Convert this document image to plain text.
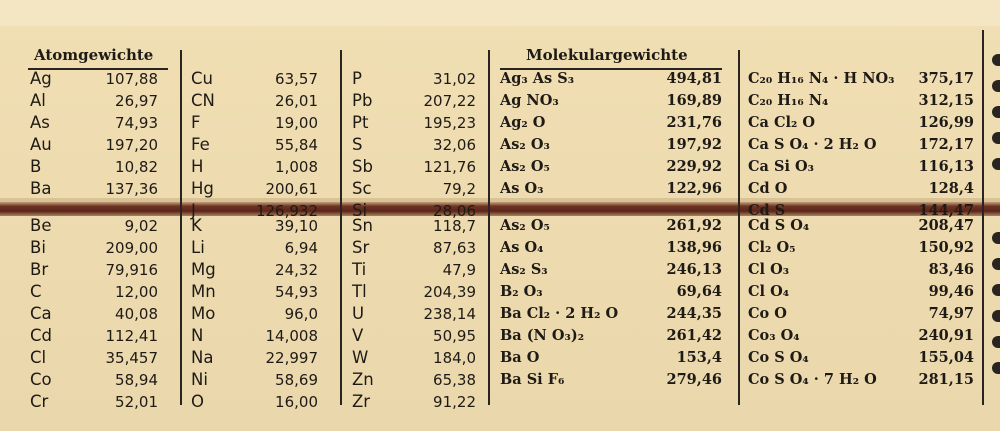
Atomgewichte	Molekulargewichte
Ag	107,88
Al	26,97
As	74,93
Au	197,20
B	10,82
Ba	137,36
Be	9,02
Bi	209,00
Br	79,916
C	12,00
Ca	40,08
Cd	112,41
Cl	35,457
Co	58,94
Cr	52,01
Cu	63,57
CN	26,01
F	19,00
Fe	55,84
H	1,008
Hg	200,61
J	126,932
K	39,10
Li	6,94
Mg	24,32
Mn	54,93
Mo	96,0
N	14,008
Na	22,997
Ni	58,69
O	16,00
P	31,02
Pb	207,22
Pt	195,23
S	32,06
Sb	121,76
Sc	79,2
Si	28,06
Sn	118,7
Sr	87,63
Ti	47,9
Tl	204,39
U	238,14
V	50,95
W	184,0
Zn	65,38
Zr	91,22
Ag₃ As S₃	494,81
Ag NO₃	169,89
Ag₂ O	231,76
As₂ O₃	197,92
As₂ O₅	229,92
As O₃	122,96
As₂ O₅	261,92
As O₄	138,96
As₂ S₃	246,13
B₂ O₃	69,64
Ba Cl₂ · 2 H₂ O	244,35
Ba (N O₃)₂	261,42
Ba O	153,4
Ba Si F₆	279,46
C₂₀ H₁₆ N₄ · H NO₃	375,17
C₂₀ H₁₆ N₄	312,15
Ca Cl₂ O	126,99
Ca S O₄ · 2 H₂ O	172,17
Ca Si O₃	116,13
Cd O	128,4
Cd S	144,47
Cd S O₄	208,47
Cl₂ O₅	150,92
Cl O₃	83,46
Cl O₄	99,46
Co O	74,97
Co₃ O₄	240,91
Co S O₄	155,04
Co S O₄ · 7 H₂ O	281,15
